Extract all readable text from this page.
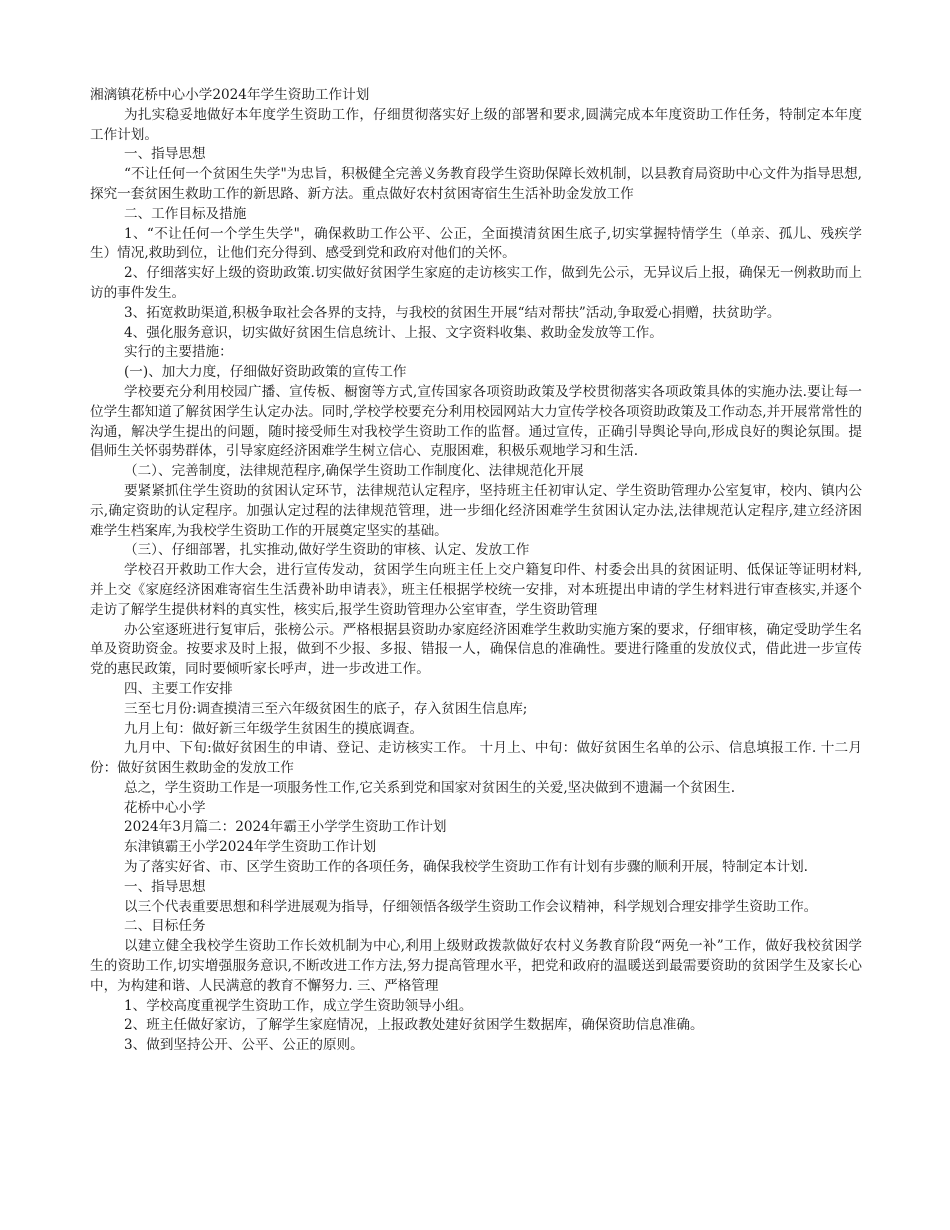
湘漓镇花桥中心小学2024年学生资助工作计划

为扎实稳妥地做好本年度学生资助工作，仔细贯彻落实好上级的部署和要求,圆满完成本年度资助工作任务，特制定本年度工作计划。

一、指导思想

“不让任何一个贫困生失学"为忠旨，积极健全完善义务教育段学生资助保障长效机制，以县教育局资助中心文件为指导思想,探究一套贫困生救助工作的新思路、新方法。重点做好农村贫困寄宿生生活补助金发放工作

二、工作目标及措施

1、“不让任何一个学生失学"，确保救助工作公平、公正，全面摸清贫困生底子,切实掌握特情学生（单亲、孤儿、残疾学生）情况,救助到位，让他们充分得到、感受到党和政府对他们的关怀。

2、仔细落实好上级的资助政策.切实做好贫困学生家庭的走访核实工作，做到先公示，无异议后上报，确保无一例救助而上访的事件发生。

3、拓宽救助渠道,积极争取社会各界的支持，与我校的贫困生开展“结对帮扶”活动,争取爱心捐赠，扶贫助学。

4、强化服务意识，切实做好贫困生信息统计、上报、文字资料收集、救助金发放等工作。

实行的主要措施：

(一)、加大力度，仔细做好资助政策的宣传工作

学校要充分利用校园广播、宣传板、橱窗等方式,宣传国家各项资助政策及学校贯彻落实各项政策具体的实施办法.要让每一位学生都知道了解贫困学生认定办法。同时,学校学校要充分利用校园网站大力宣传学校各项资助政策及工作动态,并开展常常性的沟通，解决学生提出的问题，随时接受师生对我校学生资助工作的监督。通过宣传，正确引导舆论导向,形成良好的舆论氛围。提倡师生关怀弱势群体，引导家庭经济困难学生树立信心、克服困难，积极乐观地学习和生活.

（二）、完善制度，法律规范程序,确保学生资助工作制度化、法律规范化开展

要紧紧抓住学生资助的贫困认定环节，法律规范认定程序，坚持班主任初审认定、学生资助管理办公室复审，校内、镇内公示,确定资助的认定程序。加强认定过程的法律规范管理，进一步细化经济困难学生贫困认定办法,法律规范认定程序,建立经济困难学生档案库,为我校学生资助工作的开展奠定坚实的基础。

（三）、仔细部署，扎实推动,做好学生资助的审核、认定、发放工作

学校召开救助工作大会，进行宣传发动，贫困学生向班主任上交户籍复印件、村委会出具的贫困证明、低保证等证明材料,并上交《家庭经济困难寄宿生生活费补助申请表》，班主任根据学校统一安排，对本班提出申请的学生材料进行审查核实,并逐个走访了解学生提供材料的真实性，核实后,报学生资助管理办公室审查，学生资助管理

办公室逐班进行复审后，张榜公示。严格根据县资助办家庭经济困难学生救助实施方案的要求，仔细审核，确定受助学生名单及资助资金。按要求及时上报，做到不少报、多报、错报一人，确保信息的准确性。要进行隆重的发放仪式，借此进一步宣传党的惠民政策，同时要倾听家长呼声，进一步改进工作。

四、主要工作安排

三至七月份:调查摸清三至六年级贫困生的底子，存入贫困生信息库;

九月上旬：做好新三年级学生贫困生的摸底调查。

九月中、下旬:做好贫困生的申请、登记、走访核实工作。 十月上、中旬：做好贫困生名单的公示、信息填报工作. 十二月份：做好贫困生救助金的发放工作

总之，学生资助工作是一项服务性工作,它关系到党和国家对贫困生的关爱,坚决做到不遗漏一个贫困生.

花桥中心小学

2024年3月篇二：2024年霸王小学学生资助工作计划

东津镇霸王小学2024年学生资助工作计划

为了落实好省、市、区学生资助工作的各项任务，确保我校学生资助工作有计划有步骤的顺利开展，特制定本计划.

一、指导思想

以三个代表重要思想和科学进展观为指导，仔细领悟各级学生资助工作会议精神，科学规划合理安排学生资助工作。

二、目标任务

以建立健全我校学生资助工作长效机制为中心,利用上级财政拨款做好农村义务教育阶段“两免一补”工作，做好我校贫困学生的资助工作,切实增强服务意识,不断改进工作方法,努力提高管理水平，把党和政府的温暖送到最需要资助的贫困学生及家长心中，为构建和谐、人民满意的教育不懈努力. 三、严格管理

1、学校高度重视学生资助工作，成立学生资助领导小组。

2、班主任做好家访，了解学生家庭情况，上报政教处建好贫困学生数据库，确保资助信息准确。

3、做到坚持公开、公平、公正的原则。
